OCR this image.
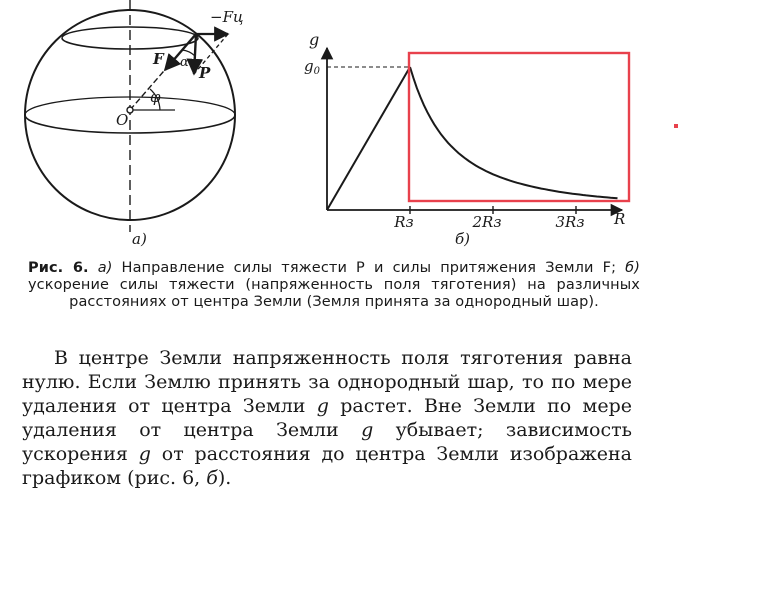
−Fц
F α
P
φ
O
а)
g
$g_0$
R
Rз	2Rз	3Rз
б)
Рис. 6. а) Направление силы тяжести P и силы притяжения Земли F; б) ускорение силы тяжести (напряженность поля тяготения) на различных расстояниях от центра Земли (Земля принята за однородный шар).
В центре Земли напряженность поля тяготения равна нулю. Если Землю принять за однородный шар, то по мере удаления от центра Земли g растет. Вне Земли по мере удаления от центра Земли g убывает; зависимость ускорения g от расстояния до центра Земли изображена графиком (рис. 6, б).
